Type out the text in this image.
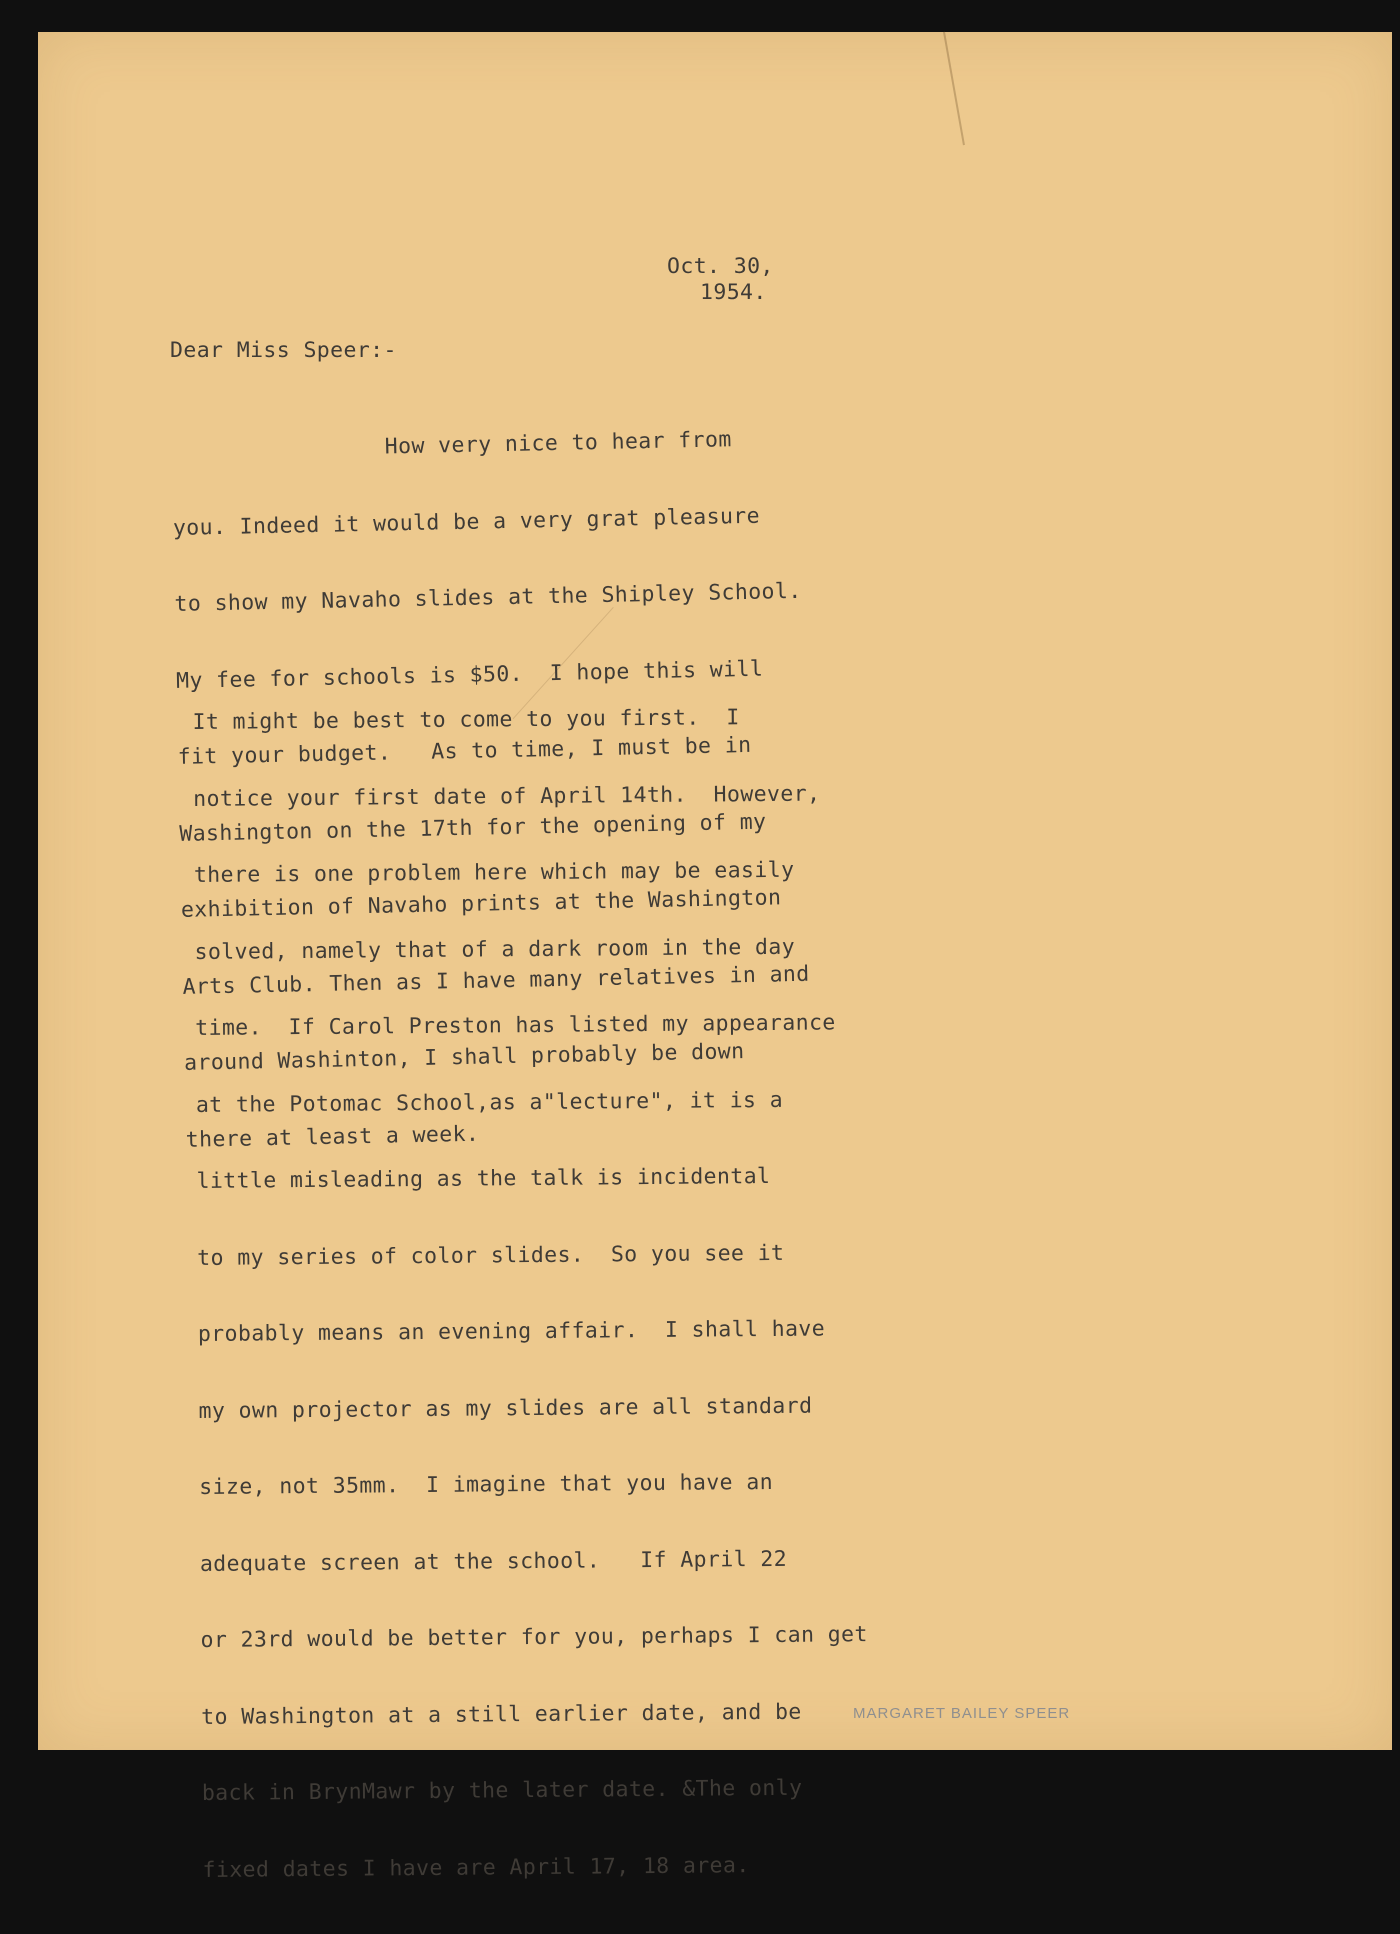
Oct. 30,
1954.
Dear Miss Speer:-

How very nice to hear from

you. Indeed it would be a very grat pleasure

to show my Navaho slides at the Shipley School.

My fee for schools is $50.  I hope this will

fit your budget.   As to time, I must be in

Washington on the 17th for the opening of my

exhibition of Navaho prints at the Washington

Arts Club. Then as I have many relatives in and

around Washinton, I shall probably be down

there at least a week.

It might be best to come to you first.  I

notice your first date of April 14th.  However,

there is one problem here which may be easily

solved, namely that of a dark room in the day

time.  If Carol Preston has listed my appearance

at the Potomac School,as a"lecture", it is a

little misleading as the talk is incidental

to my series of color slides.  So you see it

probably means an evening affair.  I shall have

my own projector as my slides are all standard

size, not 35mm.  I imagine that you have an

adequate screen at the school.   If April 22

or 23rd would be better for you, perhaps I can get

to Washington at a still earlier date, and be

back in BrynMawr by the later date. &The only

fixed dates I have are April 17, 18 area.

MARGARET BAILEY SPEER
